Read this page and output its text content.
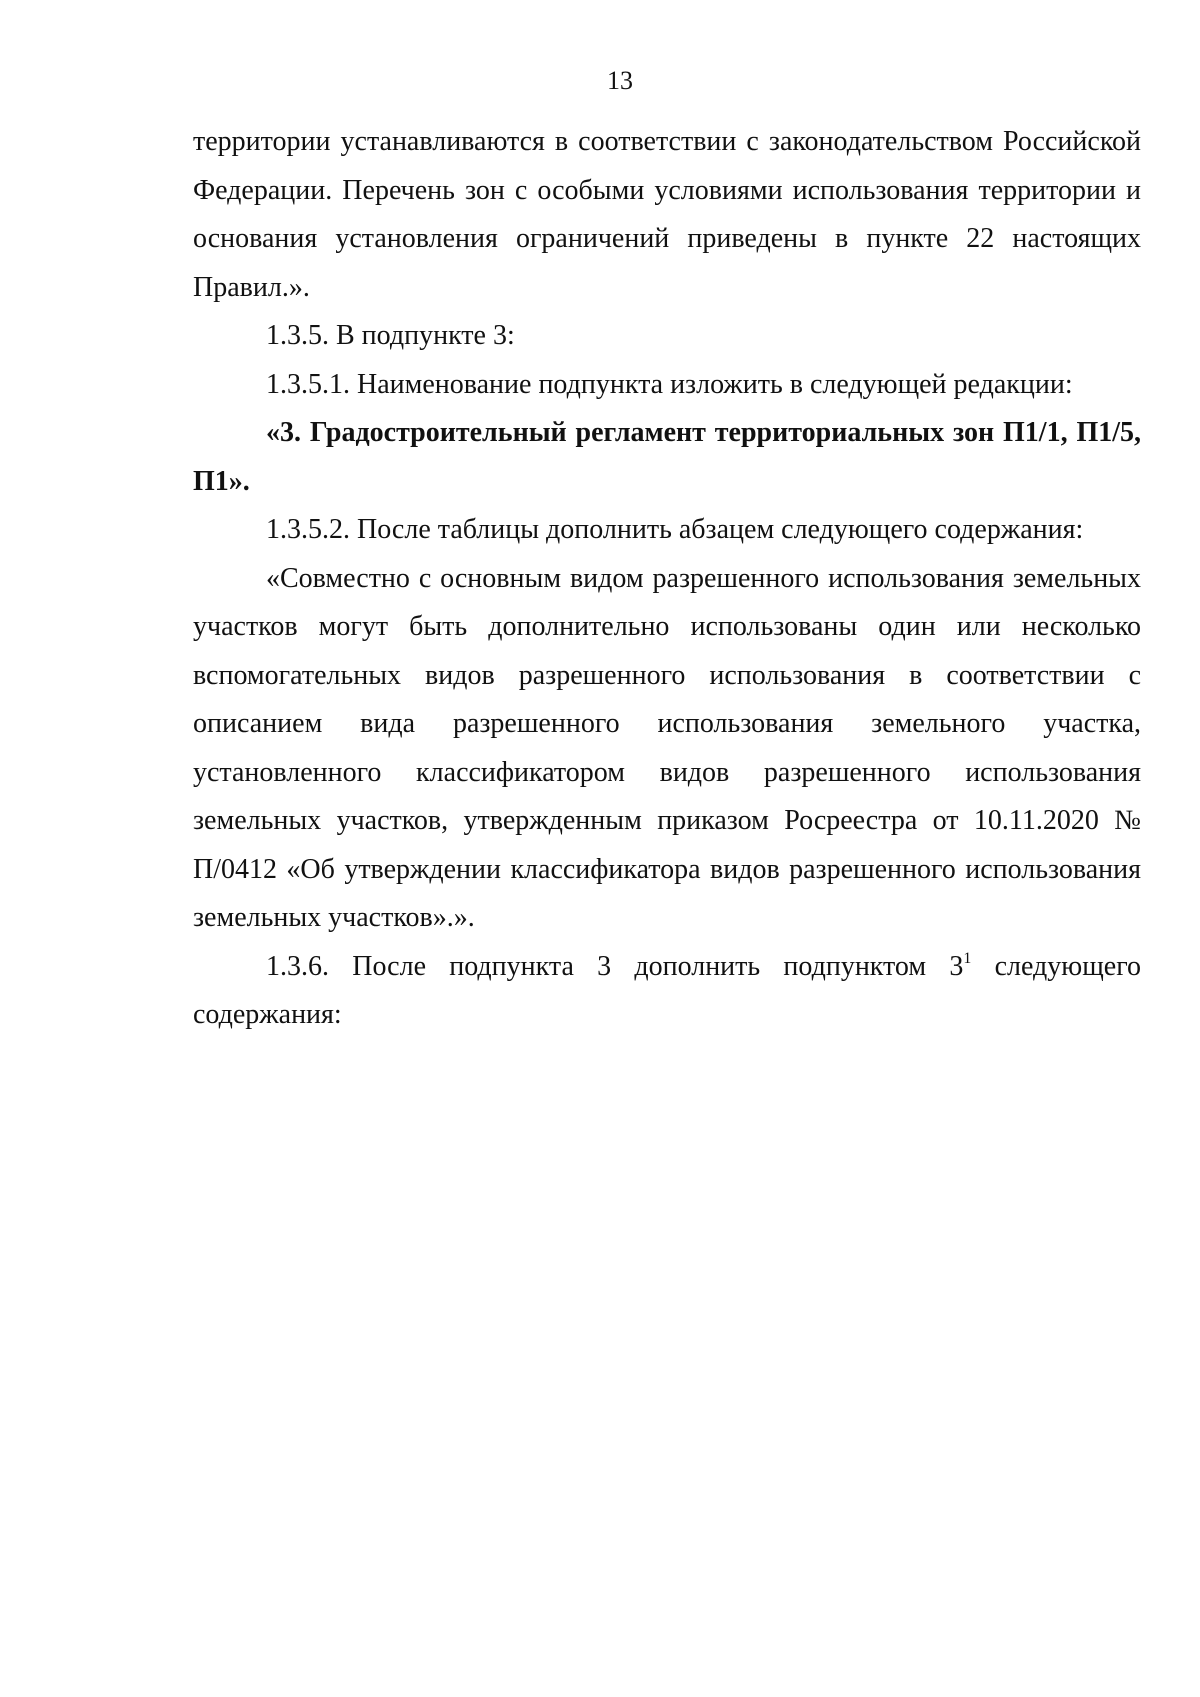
13

территории устанавливаются в соответствии с законодательством Российской Федерации. Перечень зон с особыми условиями использования территории и основания установления ограничений приведены в пункте 22 настоящих Правил.».

1.3.5. В подпункте 3:

1.3.5.1. Наименование подпункта изложить в следующей редакции:

«3. Градостроительный регламент территориальных зон П1/1, П1/5, П1».

1.3.5.2. После таблицы дополнить абзацем следующего содержания:

«Совместно с основным видом разрешенного использования земельных участков могут быть дополнительно использованы один или несколько вспомогательных видов разрешенного использования в соответствии с описанием вида разрешенного использования земельного участка, установленного классификатором видов разрешенного использования земельных участков, утвержденным приказом Росреестра от 10.11.2020 № П/0412 «Об утверждении классификатора видов разрешенного использования земельных участков».».

1.3.6. После подпункта 3 дополнить подпунктом $3^1$ следующего содержания:
